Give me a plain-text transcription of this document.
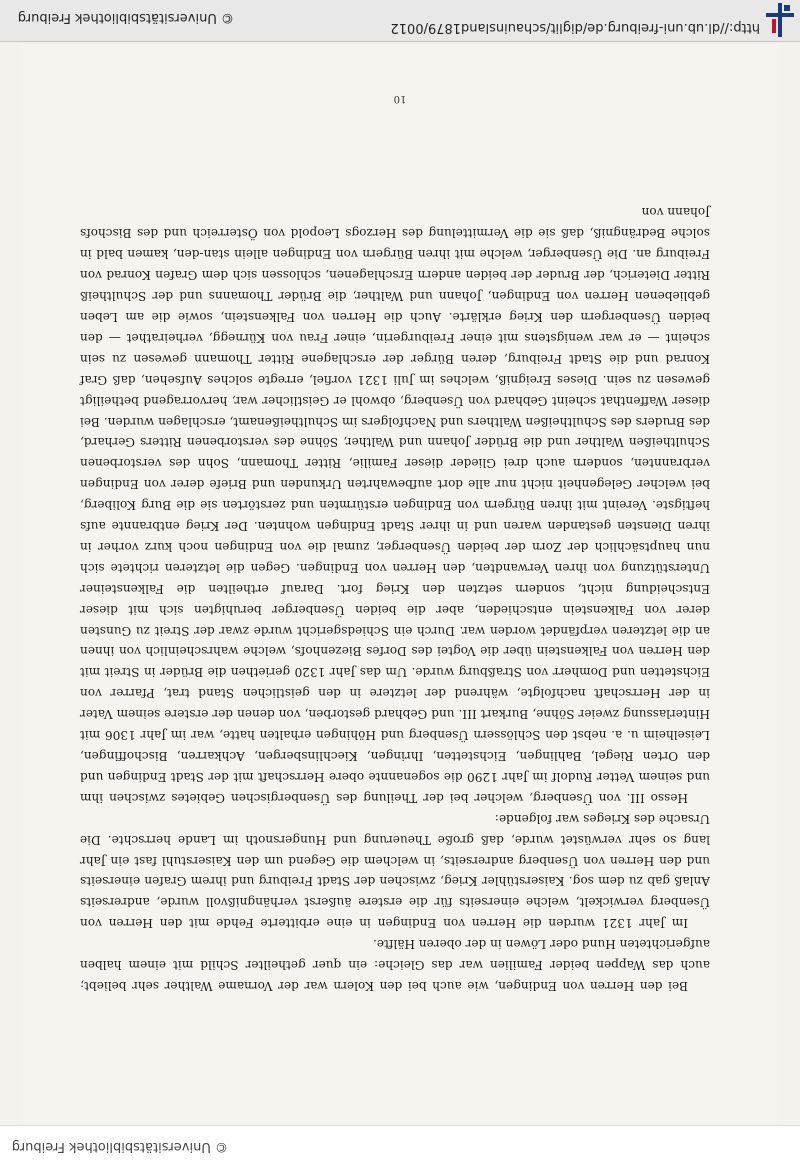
© Universitätsbibliothek Freiburg

Bei den Herren von Endingen, wie auch bei den Kolern war der Vorname Walther sehr beliebt; auch das Wappen beider Familien war das Gleiche: ein quer getheilter Schild mit einem halben aufgerichteten Hund oder Löwen in der oberen Hälfte.

Im Jahr 1321 wurden die Herren von Endingen in eine erbitterte Fehde mit den Herren von Üsenberg verwickelt, welche einerseits für die erstere äußerst verhängnißvoll wurde, andrerseits Anlaß gab zu dem sog. Kaiserstühler Krieg, zwischen der Stadt Freiburg und ihrem Grafen einerseits und den Herren von Üsenberg andrerseits, in welchem die Gegend um den Kaiserstuhl fast ein Jahr lang so sehr verwüstet wurde, daß große Theuerung und Hungersnoth im Lande herrschte. Die Ursache des Krieges war folgende:

Hesso III. von Üsenberg, welcher bei der Theilung des Üsenbergischen Gebietes zwischen ihm und seinem Vetter Rudolf im Jahr 1290 die sogenannte obere Herrschaft mit der Stadt Endingen und den Orten Riegel, Bahlingen, Eichstetten, Ihringen, Kiechlinsbergen, Achkarren, Bischoffingen, Leiselheim u. a. nebst den Schlössern Üsenberg und Höhingen erhalten hatte, war im Jahr 1306 mit Hinterlassung zweier Söhne, Burkart III. und Gebhard gestorben, von denen der erstere seinem Vater in der Herrschaft nachfolgte, während der letztere in den geistlichen Stand trat, Pfarrer von Eichstetten und Domherr von Straßburg wurde. Um das Jahr 1320 geriethen die Brüder in Streit mit den Herren von Falkenstein über die Vogtei des Dorfes Biezenhofs, welche wahrscheinlich von ihnen an die letzteren verpfändet worden war. Durch ein Schiedsgericht wurde zwar der Streit zu Gunsten derer von Falkenstein entschieden, aber die beiden Üsenberger beruhigten sich mit dieser Entscheidung nicht, sondern setzten den Krieg fort. Darauf ertheilten die Falkensteiner Unterstützung von ihren Verwandten, den Herren von Endingen. Gegen die letzteren richtete sich nun hauptsächlich der Zorn der beiden Üsenberger, zumal die von Endingen noch kurz vorher in ihren Diensten gestanden waren und in ihrer Stadt Endingen wohnten. Der Krieg entbrannte aufs heftigste. Vereint mit ihren Bürgern von Endingen erstürmten und zerstörten sie die Burg Koliberg, bei welcher Gelegenheit nicht nur alle dort aufbewahrten Urkunden und Briefe derer von Endingen verbrannten, sondern auch drei Glieder dieser Familie, Ritter Thomann, Sohn des verstorbenen Schultheißen Walther und die Brüder Johann und Walther, Söhne des verstorbenen Ritters Gerhard, des Bruders des Schultheißen Walthers und Nachfolgers im Schultheißenamt, erschlagen wurden. Bei dieser Waffenthat scheint Gebhard von Üsenberg, obwohl er Geistlicher war, hervorragend betheiligt gewesen zu sein. Dieses Ereigniß, welches im Juli 1321 vorfiel, erregte solches Aufsehen, daß Graf Konrad und die Stadt Freiburg, deren Bürger der erschlagene Ritter Thomann gewesen zu sein scheint — er war wenigstens mit einer Freiburgerin, einer Frau von Kürnegg, verheirathet — den beiden Üsenbergern den Krieg erklärte. Auch die Herren von Falkenstein, sowie die am Leben gebliebenen Herren von Endingen, Johann und Walther, die Brüder Thomanns und der Schultheiß Ritter Dieterich, der Bruder der beiden andern Erschlagenen, schlossen sich dem Grafen Konrad von Freiburg an. Die Üsenberger, welche mit ihren Bürgern von Endingen allein stan-den, kamen bald in solche Bedrängniß, daß sie die Vermittelung des Herzogs Leopold von Österreich und des Bischofs Johann von

10
http://dl.ub.uni-freiburg.de/diglit/schauinsland1879/0012
© Universitätsbibliothek Freiburg
